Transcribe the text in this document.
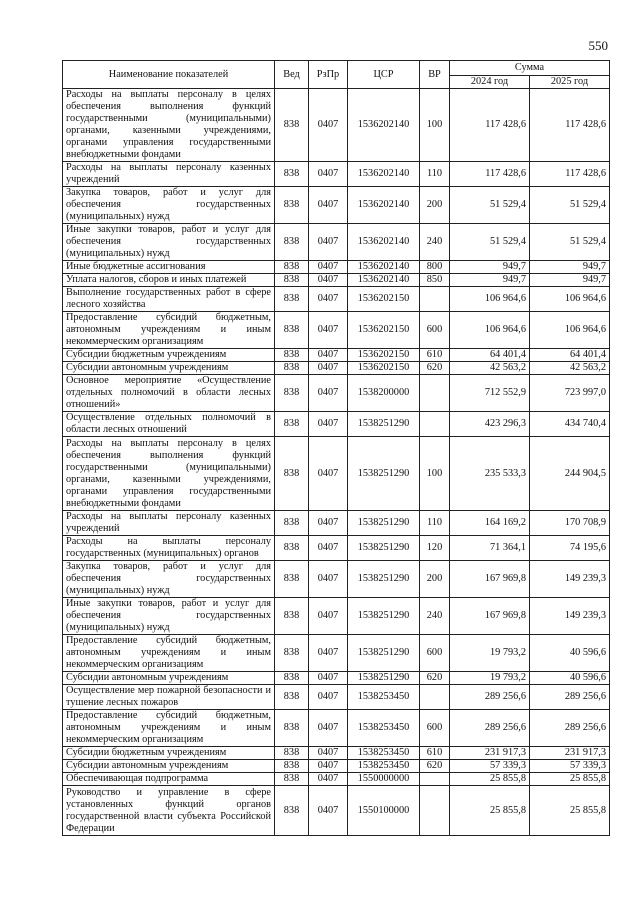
550
Наименование показателей	Вед	РзПр	ЦСР	ВР	Сумма	
					2024 год	2025 год
Расходы на выплаты персоналу в целях обеспечения выполнения функций государственными (муниципальными) органами, казенными учреждениями, органами управления государственными внебюджетными фондами	838	0407	1536202140	100	117 428,6	117 428,6
Расходы на выплаты персоналу казенных учреждений	838	0407	1536202140	110	117 428,6	117 428,6
Закупка товаров, работ и услуг для обеспечения государственных (муниципальных) нужд	838	0407	1536202140	200	51 529,4	51 529,4
Иные закупки товаров, работ и услуг для обеспечения государственных (муниципальных) нужд	838	0407	1536202140	240	51 529,4	51 529,4
Иные бюджетные ассигнования	838	0407	1536202140	800	949,7	949,7
Уплата налогов, сборов и иных платежей	838	0407	1536202140	850	949,7	949,7
Выполнение государственных работ в сфере лесного хозяйства	838	0407	1536202150		106 964,6	106 964,6
Предоставление субсидий бюджетным, автономным учреждениям и иным некоммерческим организациям	838	0407	1536202150	600	106 964,6	106 964,6
Субсидии бюджетным учреждениям	838	0407	1536202150	610	64 401,4	64 401,4
Субсидии автономным учреждениям	838	0407	1536202150	620	42 563,2	42 563,2
Основное мероприятие «Осуществление отдельных полномочий в области лесных отношений»	838	0407	1538200000		712 552,9	723 997,0
Осуществление отдельных полномочий в области лесных отношений	838	0407	1538251290		423 296,3	434 740,4
Расходы на выплаты персоналу в целях обеспечения выполнения функций государственными (муниципальными) органами, казенными учреждениями, органами управления государственными внебюджетными фондами	838	0407	1538251290	100	235 533,3	244 904,5
Расходы на выплаты персоналу казенных учреждений	838	0407	1538251290	110	164 169,2	170 708,9
Расходы на выплаты персоналу государственных (муниципальных) органов	838	0407	1538251290	120	71 364,1	74 195,6
Закупка товаров, работ и услуг для обеспечения государственных (муниципальных) нужд	838	0407	1538251290	200	167 969,8	149 239,3
Иные закупки товаров, работ и услуг для обеспечения государственных (муниципальных) нужд	838	0407	1538251290	240	167 969,8	149 239,3
Предоставление субсидий бюджетным, автономным учреждениям и иным некоммерческим организациям	838	0407	1538251290	600	19 793,2	40 596,6
Субсидии автономным учреждениям	838	0407	1538251290	620	19 793,2	40 596,6
Осуществление мер пожарной безопасности и тушение лесных пожаров	838	0407	1538253450		289 256,6	289 256,6
Предоставление субсидий бюджетным, автономным учреждениям и иным некоммерческим организациям	838	0407	1538253450	600	289 256,6	289 256,6
Субсидии бюджетным учреждениям	838	0407	1538253450	610	231 917,3	231 917,3
Субсидии автономным учреждениям	838	0407	1538253450	620	57 339,3	57 339,3
Обеспечивающая подпрограмма	838	0407	1550000000		25 855,8	25 855,8
Руководство и управление в сфере установленных функций органов государственной власти субъекта Российской Федерации	838	0407	1550100000		25 855,8	25 855,8
